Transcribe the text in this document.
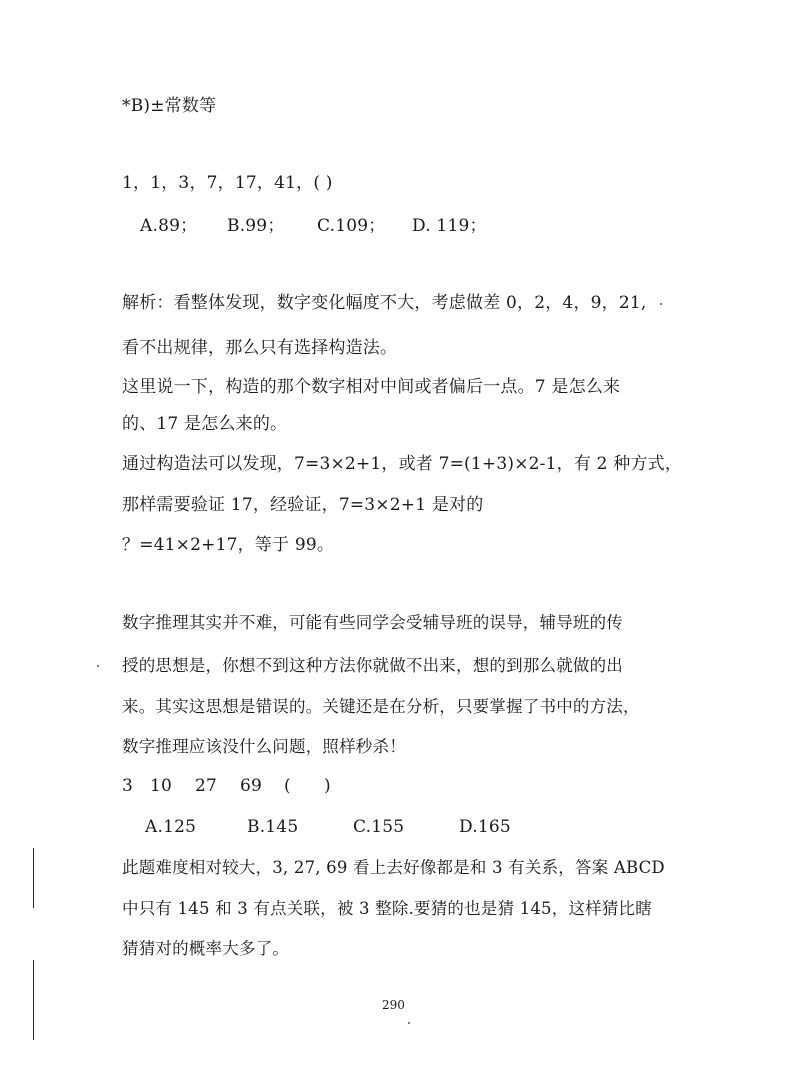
*B)±常数等
1，1，3，7，17，41，( )
A.89； B.99； C.109； D. 119；
解析：看整体发现，数字变化幅度不大，考虑做差 0，2，4，9，21,
看不出规律，那么只有选择构造法。
这里说一下，构造的那个数字相对中间或者偏后一点。7 是怎么来
的、17 是怎么来的。
通过构造法可以发现，7=3×2+1，或者 7=(1+3)×2-1，有 2 种方式，
那样需要验证 17，经验证，7=3×2+1 是对的
？=41×2+17，等于 99。
数字推理其实并不难，可能有些同学会受辅导班的误导，辅导班的传
授的思想是，你想不到这种方法你就做不出来，想的到那么就做的出
来。其实这思想是错误的。关键还是在分析，只要掌握了书中的方法，
数字推理应该没什么问题，照样秒杀！
3 10 27 69 ( )
A.125	B.145	C.155	D.165
此题难度相对较大，3, 27, 69 看上去好像都是和 3 有关系，答案 ABCD
中只有 145 和 3 有点关联，被 3 整除.要猜的也是猜 145，这样猜比瞎
猜猜对的概率大多了。
290
